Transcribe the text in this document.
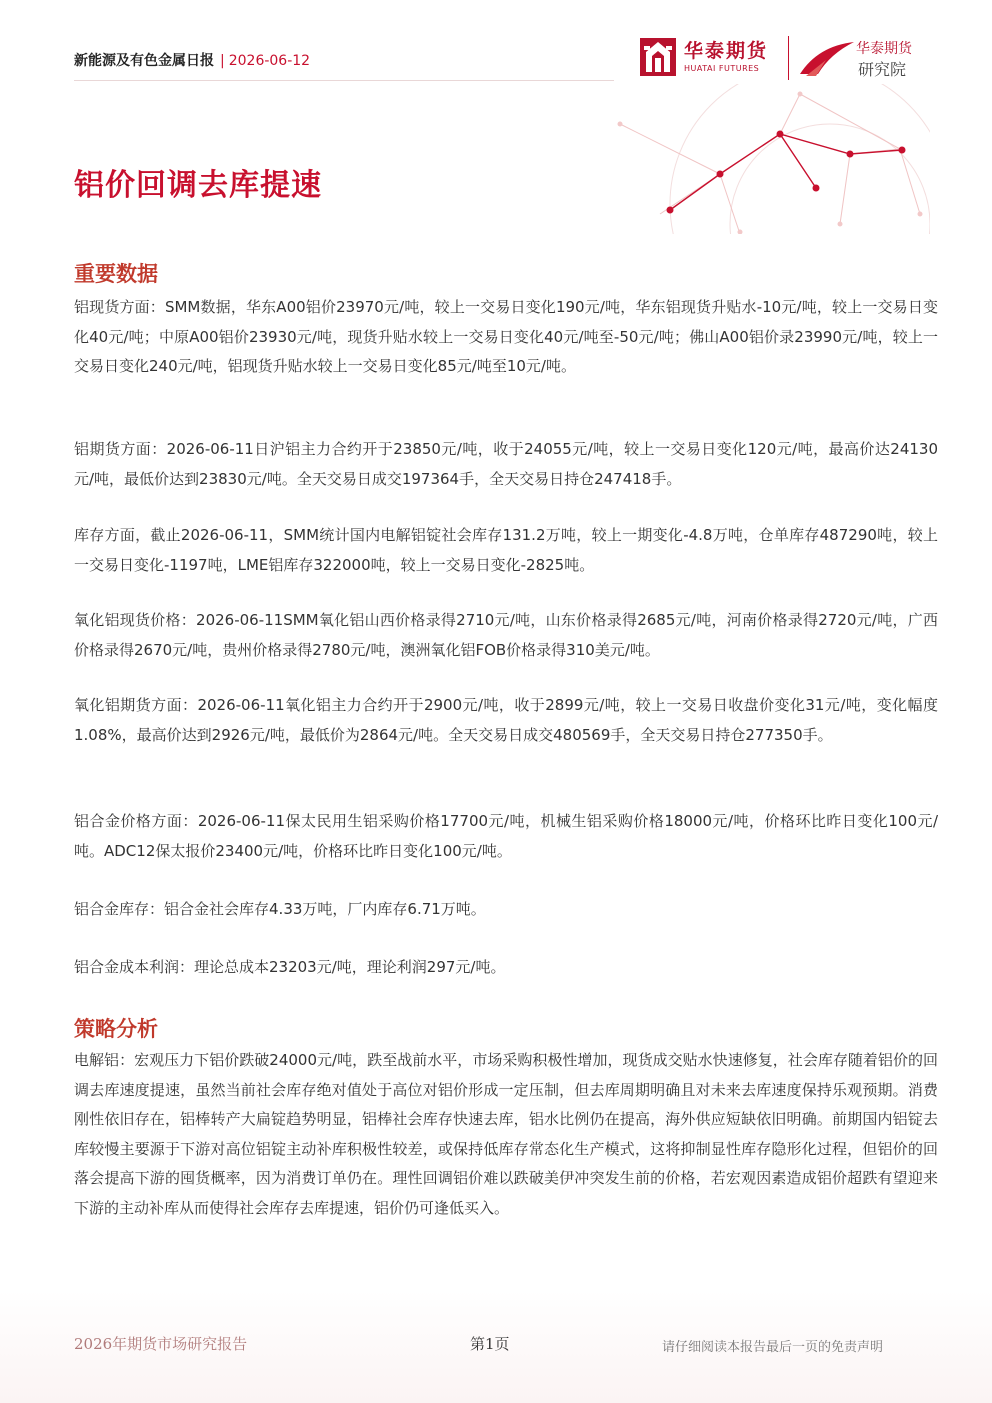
新能源及有色金属日报 | 2026-06-12	华泰期货
HUATAI FUTURES
华泰期货
研究院
铝价回调去库提速
重要数据

铝现货方面：SMM数据，华东A00铝价23970元/吨，较上一交易日变化190元/吨，华东铝现货升贴水-10元/吨，较上一交易日变化40元/吨；中原A00铝价23930元/吨，现货升贴水较上一交易日变化40元/吨至-50元/吨；佛山A00铝价录23990元/吨，较上一交易日变化240元/吨，铝现货升贴水较上一交易日变化85元/吨至10元/吨。

铝期货方面：2026-06-11日沪铝主力合约开于23850元/吨，收于24055元/吨，较上一交易日变化120元/吨，最高价达24130元/吨，最低价达到23830元/吨。全天交易日成交197364手，全天交易日持仓247418手。

库存方面，截止2026-06-11，SMM统计国内电解铝锭社会库存131.2万吨，较上一期变化-4.8万吨，仓单库存487290吨，较上一交易日变化-1197吨，LME铝库存322000吨，较上一交易日变化-2825吨。

氧化铝现货价格：2026-06-11SMM氧化铝山西价格录得2710元/吨，山东价格录得2685元/吨，河南价格录得2720元/吨，广西价格录得2670元/吨，贵州价格录得2780元/吨，澳洲氧化铝FOB价格录得310美元/吨。

氧化铝期货方面：2026-06-11氧化铝主力合约开于2900元/吨，收于2899元/吨，较上一交易日收盘价变化31元/吨，变化幅度1.08%，最高价达到2926元/吨，最低价为2864元/吨。全天交易日成交480569手，全天交易日持仓277350手。

铝合金价格方面：2026-06-11保太民用生铝采购价格17700元/吨，机械生铝采购价格18000元/吨，价格环比昨日变化100元/吨。ADC12保太报价23400元/吨，价格环比昨日变化100元/吨。

铝合金库存：铝合金社会库存4.33万吨，厂内库存6.71万吨。

铝合金成本利润：理论总成本23203元/吨，理论利润297元/吨。

策略分析

电解铝：宏观压力下铝价跌破24000元/吨，跌至战前水平，市场采购积极性增加，现货成交贴水快速修复，社会库存随着铝价的回调去库速度提速，虽然当前社会库存绝对值处于高位对铝价形成一定压制，但去库周期明确且对未来去库速度保持乐观预期。消费刚性依旧存在，铝棒转产大扁锭趋势明显，铝棒社会库存快速去库，铝水比例仍在提高，海外供应短缺依旧明确。前期国内铝锭去库较慢主要源于下游对高位铝锭主动补库积极性较差，或保持低库存常态化生产模式，这将抑制显性库存隐形化过程，但铝价的回落会提高下游的囤货概率，因为消费订单仍在。理性回调铝价难以跌破美伊冲突发生前的价格，若宏观因素造成铝价超跌有望迎来下游的主动补库从而使得社会库存去库提速，铝价仍可逢低买入。

2026年期货市场研究报告	第1页	请仔细阅读本报告最后一页的免责声明
